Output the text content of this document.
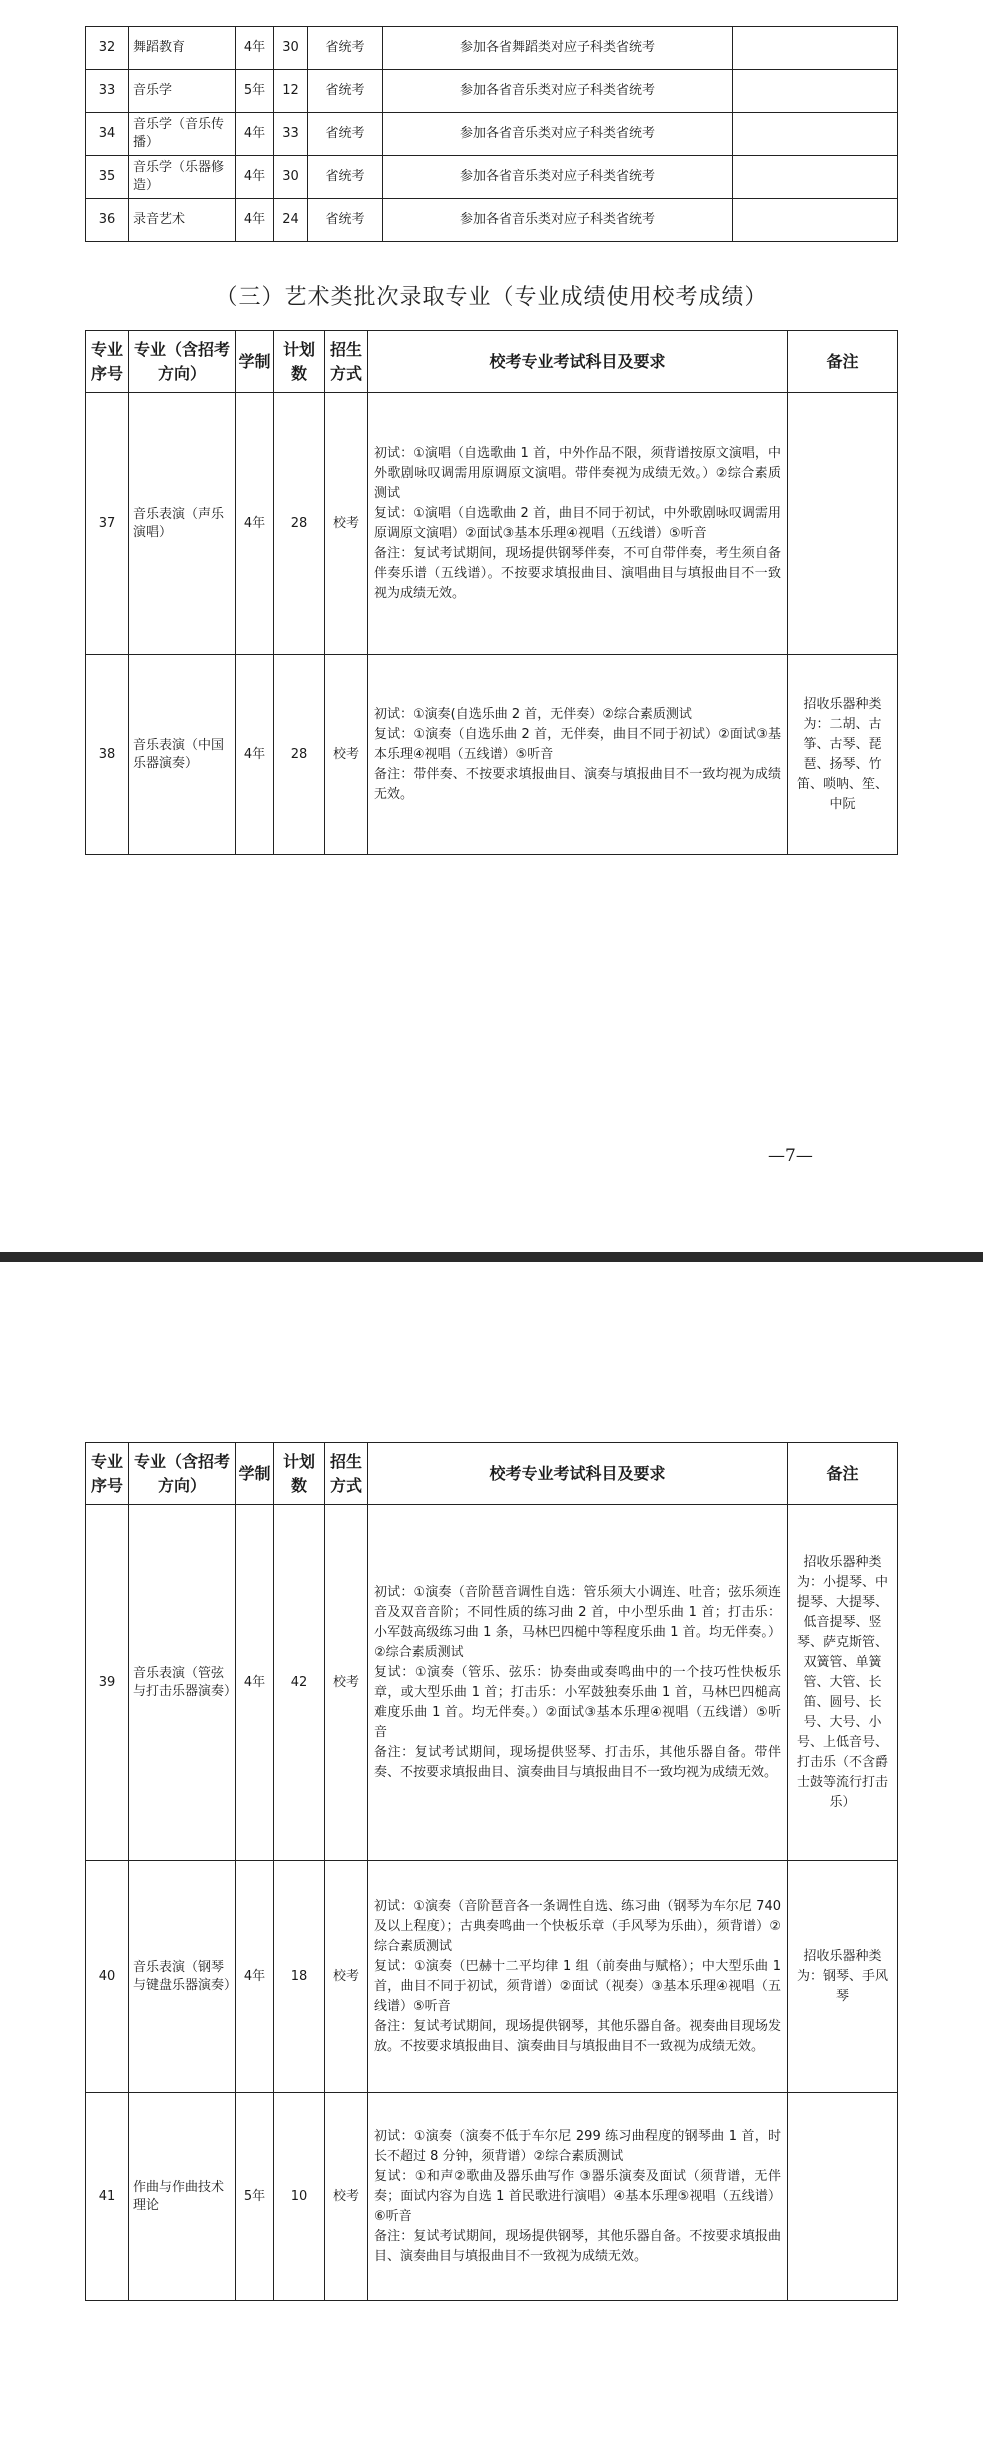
32	舞蹈教育	4年	30	省统考	参加各省舞蹈类对应子科类省统考	
33	音乐学	5年	12	省统考	参加各省音乐类对应子科类省统考	
34	音乐学（音乐传播）	4年	33	省统考	参加各省音乐类对应子科类省统考	
35	音乐学（乐器修造）	4年	30	省统考	参加各省音乐类对应子科类省统考	
36	录音艺术	4年	24	省统考	参加各省音乐类对应子科类省统考	
（三）艺术类批次录取专业（专业成绩使用校考成绩）
专业序号	专业（含招考方向）	学制	计划数	招生方式	校考专业考试科目及要求	备注
37	音乐表演（声乐演唱）	4年	28	校考	初试：①演唱（自选歌曲 1 首，中外作品不限，须背谱按原文演唱，中外歌剧咏叹调需用原调原文演唱。带伴奏视为成绩无效。）②综合素质测试
复试：①演唱（自选歌曲 2 首，曲目不同于初试，中外歌剧咏叹调需用原调原文演唱）②面试③基本乐理④视唱（五线谱）⑤听音
备注：复试考试期间，现场提供钢琴伴奏，不可自带伴奏，考生须自备伴奏乐谱（五线谱）。不按要求填报曲目、演唱曲目与填报曲目不一致视为成绩无效。	

38	音乐表演（中国乐器演奏）	4年	28	校考	初试：①演奏(自选乐曲 2 首，无伴奏）②综合素质测试
复试：①演奏（自选乐曲 2 首，无伴奏，曲目不同于初试）②面试③基本乐理④视唱（五线谱）⑤听音
备注：带伴奏、不按要求填报曲目、演奏与填报曲目不一致均视为成绩无效。	招收乐器种类为：二胡、古筝、古琴、琵琶、扬琴、竹笛、唢呐、笙、中阮
—7—
专业序号	专业（含招考方向）	学制	计划数	招生方式	校考专业考试科目及要求	备注
39	音乐表演（管弦与打击乐器演奏）	4年	42	校考	初试：①演奏（音阶琶音调性自选：管乐须大小调连、吐音；弦乐须连音及双音音阶；不同性质的练习曲 2 首，中小型乐曲 1 首；打击乐：小军鼓高级练习曲 1 条，马林巴四槌中等程度乐曲 1 首。均无伴奏。）②综合素质测试
复试：①演奏（管乐、弦乐：协奏曲或奏鸣曲中的一个技巧性快板乐章，或大型乐曲 1 首；打击乐：小军鼓独奏乐曲 1 首，马林巴四槌高难度乐曲 1 首。均无伴奏。）②面试③基本乐理④视唱（五线谱）⑤听音
备注：复试考试期间，现场提供竖琴、打击乐，其他乐器自备。带伴奏、不按要求填报曲目、演奏曲目与填报曲目不一致均视为成绩无效。	招收乐器种类为：小提琴、中提琴、大提琴、低音提琴、竖琴、萨克斯管、双簧管、单簧管、大管、长笛、圆号、长号、大号、小号、上低音号、打击乐（不含爵士鼓等流行打击乐）
40	音乐表演（钢琴与键盘乐器演奏）	4年	18	校考	初试：①演奏（音阶琶音各一条调性自选、练习曲（钢琴为车尔尼 740 及以上程度）；古典奏鸣曲一个快板乐章（手风琴为乐曲），须背谱）②综合素质测试
复试：①演奏（巴赫十二平均律 1 组（前奏曲与赋格）；中大型乐曲 1 首，曲目不同于初试，须背谱）②面试（视奏）③基本乐理④视唱（五线谱）⑤听音
备注：复试考试期间，现场提供钢琴，其他乐器自备。视奏曲目现场发放。不按要求填报曲目、演奏曲目与填报曲目不一致视为成绩无效。	招收乐器种类为：钢琴、手风琴
41	作曲与作曲技术理论	5年	10	校考	初试：①演奏（演奏不低于车尔尼 299 练习曲程度的钢琴曲 1 首，时长不超过 8 分钟，须背谱）②综合素质测试
复试：①和声②歌曲及器乐曲写作 ③器乐演奏及面试（须背谱，无伴奏；面试内容为自选 1 首民歌进行演唱）④基本乐理⑤视唱（五线谱）⑥听音
备注：复试考试期间，现场提供钢琴，其他乐器自备。不按要求填报曲目、演奏曲目与填报曲目不一致视为成绩无效。	
